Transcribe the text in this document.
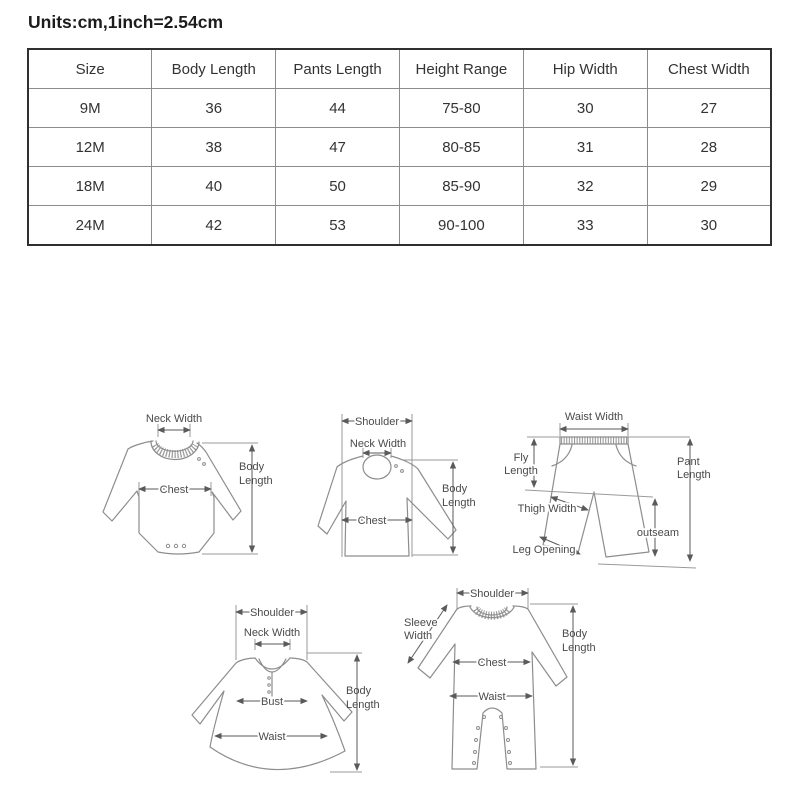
Units:cm,1inch=2.54cm
Size	Body Length	Pants Length	Height Range	Hip Width	Chest Width
9M	36	44	75-80	30	27
12M	38	47	80-85	31	28
18M	40	50	85-90	32	29
24M	42	53	90-100	33	30
Neck Width
Chest
Body
Length
Shoulder
Neck Width
Chest
Body
Length
Waist Width
Fly
Length
Pant
Length
Thigh Width
outseam
Leg Opening
Shoulder
Neck Width
Bust
Waist
Body
Length
Shoulder
Sleeve
Width
Chest
Waist
Body
Length
